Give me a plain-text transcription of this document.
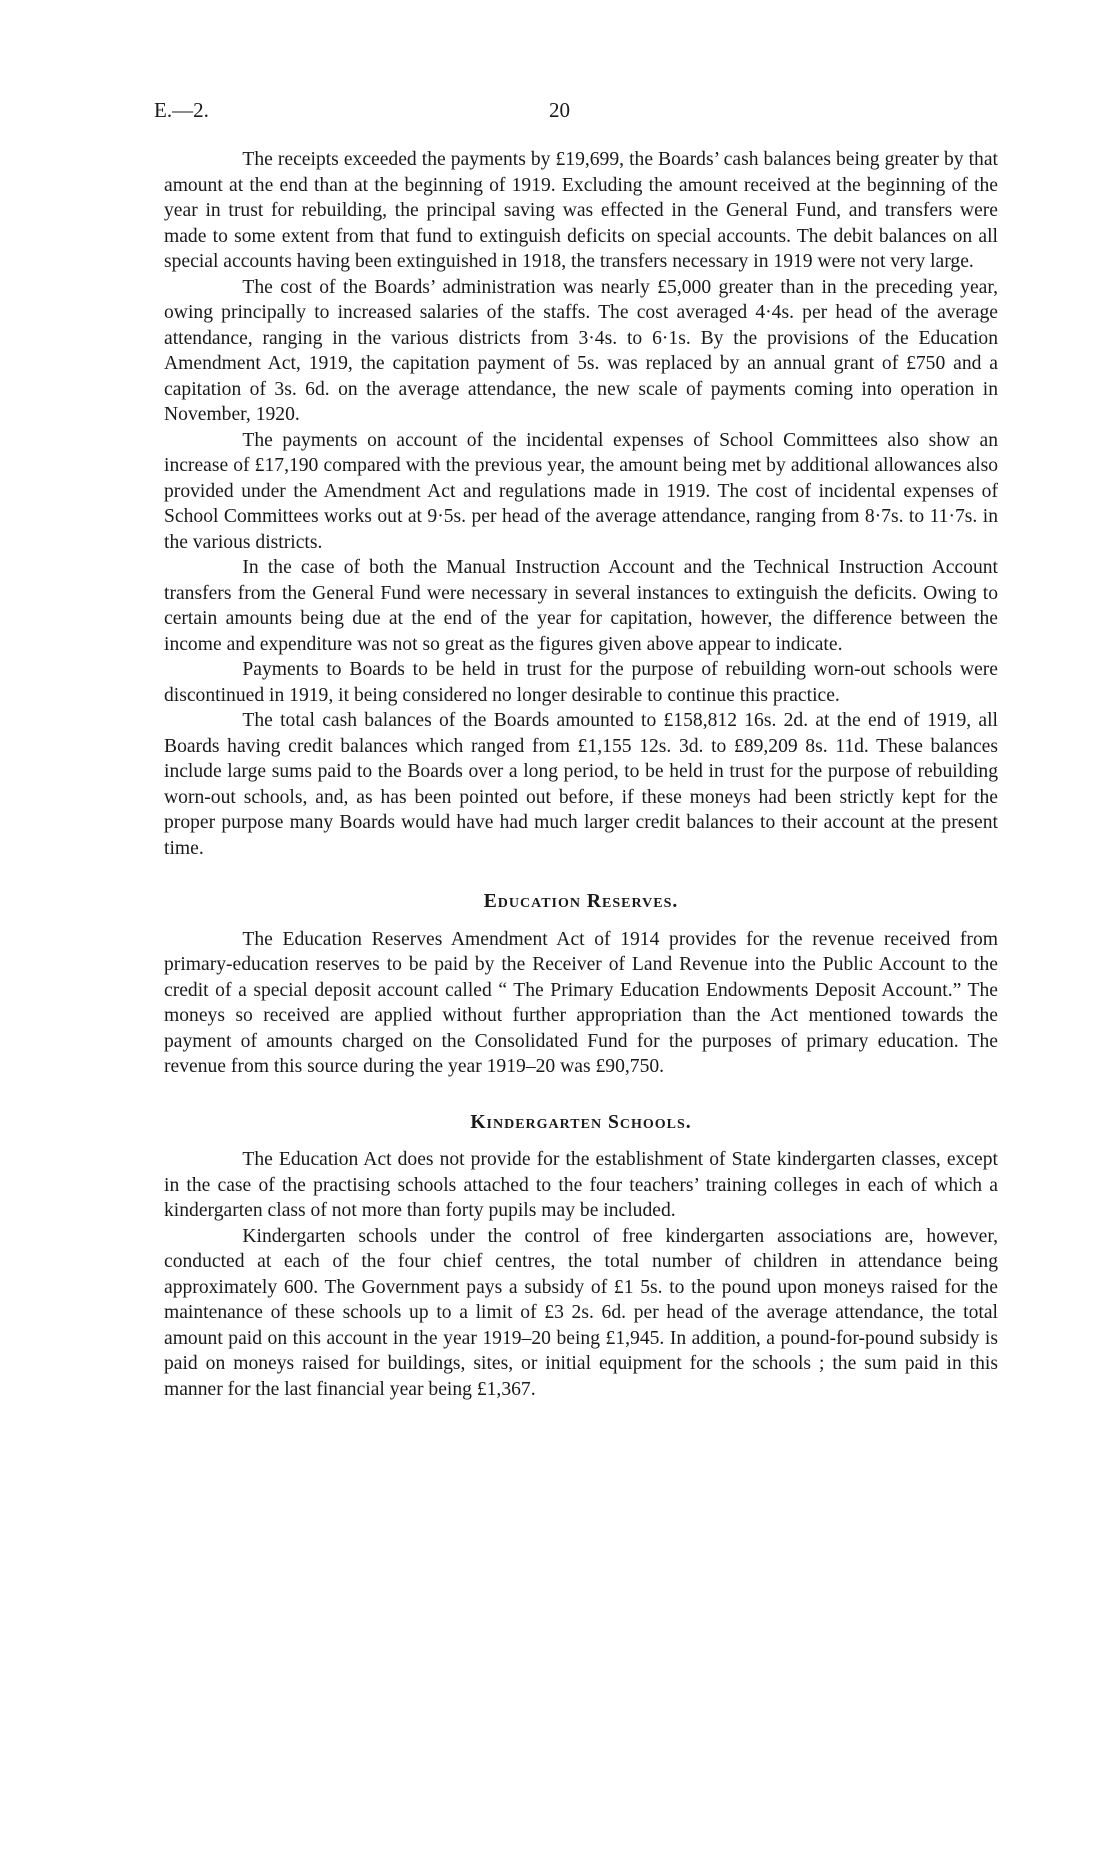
E.—2.	20

The receipts exceeded the payments by £19,699, the Boards’ cash balances being greater by that amount at the end than at the beginning of 1919. Excluding the amount received at the beginning of the year in trust for rebuilding, the principal saving was effected in the General Fund, and transfers were made to some extent from that fund to extinguish deficits on special accounts. The debit balances on all special accounts having been extinguished in 1918, the transfers necessary in 1919 were not very large.

The cost of the Boards’ administration was nearly £5,000 greater than in the preceding year, owing principally to increased salaries of the staffs. The cost averaged 4·4s. per head of the average attendance, ranging in the various districts from 3·4s. to 6·1s. By the provisions of the Education Amendment Act, 1919, the capitation payment of 5s. was replaced by an annual grant of £750 and a capitation of 3s. 6d. on the average attendance, the new scale of payments coming into operation in November, 1920.

The payments on account of the incidental expenses of School Committees also show an increase of £17,190 compared with the previous year, the amount being met by additional allowances also provided under the Amendment Act and regulations made in 1919. The cost of incidental expenses of School Committees works out at 9·5s. per head of the average attendance, ranging from 8·7s. to 11·7s. in the various districts.

In the case of both the Manual Instruction Account and the Technical Instruction Account transfers from the General Fund were necessary in several instances to extinguish the deficits. Owing to certain amounts being due at the end of the year for capitation, however, the difference between the income and expenditure was not so great as the figures given above appear to indicate.

Payments to Boards to be held in trust for the purpose of rebuilding worn-out schools were discontinued in 1919, it being considered no longer desirable to continue this practice.

The total cash balances of the Boards amounted to £158,812 16s. 2d. at the end of 1919, all Boards having credit balances which ranged from £1,155 12s. 3d. to £89,209 8s. 11d. These balances include large sums paid to the Boards over a long period, to be held in trust for the purpose of rebuilding worn-out schools, and, as has been pointed out before, if these moneys had been strictly kept for the proper purpose many Boards would have had much larger credit balances to their account at the present time.

Education Reserves.

The Education Reserves Amendment Act of 1914 provides for the revenue received from primary-education reserves to be paid by the Receiver of Land Revenue into the Public Account to the credit of a special deposit account called “ The Primary Education Endowments Deposit Account.” The moneys so received are applied without further appropriation than the Act mentioned towards the payment of amounts charged on the Consolidated Fund for the purposes of primary education. The revenue from this source during the year 1919–20 was £90,750.

Kindergarten Schools.

The Education Act does not provide for the establishment of State kindergarten classes, except in the case of the practising schools attached to the four teachers’ training colleges in each of which a kindergarten class of not more than forty pupils may be included.

Kindergarten schools under the control of free kindergarten associations are, however, conducted at each of the four chief centres, the total number of children in attendance being approximately 600. The Government pays a subsidy of £1 5s. to the pound upon moneys raised for the maintenance of these schools up to a limit of £3 2s. 6d. per head of the average attendance, the total amount paid on this account in the year 1919–20 being £1,945. In addition, a pound-for-pound subsidy is paid on moneys raised for buildings, sites, or initial equipment for the schools ; the sum paid in this manner for the last financial year being £1,367.
